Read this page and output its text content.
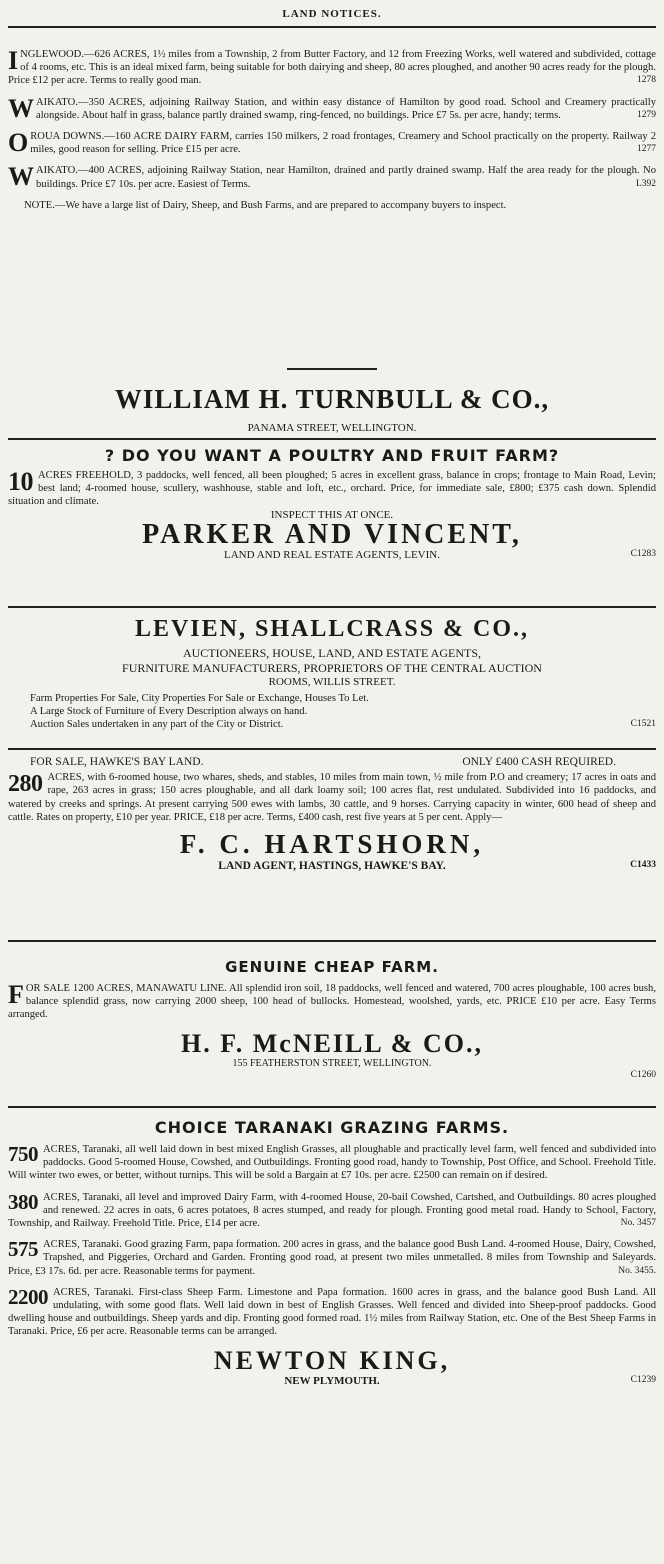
LAND NOTICES.

INGLEWOOD.—626 ACRES, 1½ miles from a Township, 2 from Butter Factory, and 12 from Freezing Works, well watered and subdivided, cottage of 4 rooms, etc. This is an ideal mixed farm, being suitable for both dairying and sheep, 80 acres ploughed, and another 90 acres ready for the plough. Price £12 per acre. Terms to really good man.	1278

WAIKATO.—350 ACRES, adjoining Railway Station, and within easy distance of Hamilton by good road. School and Creamery practically alongside. About half in grass, balance partly drained swamp, ring-fenced, no buildings. Price £7 5s. per acre, handy; terms.	1279

OROUA DOWNS.—160 ACRE DAIRY FARM, carries 150 milkers, 2 road frontages, Creamery and School practically on the property. Railway 2 miles, good reason for selling. Price £15 per acre.	1277

WAIKATO.—400 ACRES, adjoining Railway Station, near Hamilton, drained and partly drained swamp. Half the area ready for the plough. No buildings. Price £7 10s. per acre. Easiest of Terms.	L392

NOTE.—We have a large list of Dairy, Sheep, and Bush Farms, and are prepared to accompany buyers to inspect.

WILLIAM H. TURNBULL & CO.,
PANAMA STREET, WELLINGTON.
? DO YOU WANT A POULTRY AND FRUIT FARM?

10 ACRES FREEHOLD, 3 paddocks, well fenced, all been ploughed; 5 acres in excellent grass, balance in crops; frontage to Main Road, Levin; best land; 4-roomed house, scullery, washhouse, stable and loft, etc., orchard. Price, for immediate sale, £800; £375 cash down. Splendid situation and climate.

INSPECT THIS AT ONCE.
PARKER AND VINCENT,
LAND AND REAL ESTATE AGENTS, LEVIN.	C1283
LEVIEN, SHALLCRASS & CO.,
AUCTIONEERS, HOUSE, LAND, AND ESTATE AGENTS,
FURNITURE MANUFACTURERS, PROPRIETORS OF THE CENTRAL AUCTION
ROOMS, WILLIS STREET.
Farm Properties For Sale, City Properties For Sale or Exchange, Houses To Let.
A Large Stock of Furniture of Every Description always on hand.
Auction Sales undertaken in any part of the City or District.	C1521
FOR SALE, HAWKE'S BAY LAND.	ONLY £400 CASH REQUIRED.

280 ACRES, with 6-roomed house, two whares, sheds, and stables, 10 miles from main town, ½ mile from P.O and creamery; 17 acres in oats and rape, 263 acres in grass; 150 acres ploughable, and all dark loamy soil; 100 acres flat, rest undulated. Subdivided into 16 paddocks, and watered by creeks and springs. At present carrying 500 ewes with lambs, 30 cattle, and 9 horses. Carrying capacity in winter, 600 head of sheep and cattle. Rates on property, £10 per year. PRICE, £18 per acre. Terms, £400 cash, rest five years at 5 per cent. Apply—

F. C. HARTSHORN,
LAND AGENT, HASTINGS, HAWKE'S BAY.	C1433
GENUINE CHEAP FARM.

FOR SALE 1200 ACRES, MANAWATU LINE. All splendid iron soil, 18 paddocks, well fenced and watered, 700 acres ploughable, 100 acres bush, balance splendid grass, now carrying 2000 sheep, 100 head of bullocks. Homestead, woolshed, yards, etc. PRICE £10 per acre. Easy Terms arranged.

H. F. McNEILL & CO.,
155 FEATHERSTON STREET, WELLINGTON.
C1260
CHOICE TARANAKI GRAZING FARMS.

750 ACRES, Taranaki, all well laid down in best mixed English Grasses, all ploughable and practically level farm, well fenced and subdivided into paddocks. Good 5-roomed House, Cowshed, and Outbuildings. Fronting good road, handy to Township, Post Office, and School. Freehold Title. Will winter two ewes, or better, without turnips. This will be sold a Bargain at £7 10s. per acre. £2500 can remain on if desired.

380 ACRES, Taranaki, all level and improved Dairy Farm, with 4-roomed House, 20-bail Cowshed, Cartshed, and Outbuildings. 80 acres ploughed and renewed. 22 acres in oats, 6 acres potatoes, 8 acres stumped, and ready for plough. Fronting good metal road. Handy to School, Factory, Township, and Railway. Freehold Title. Price, £14 per acre.	No. 3457

575 ACRES, Taranaki. Good grazing Farm, papa formation. 200 acres in grass, and the balance good Bush Land. 4-roomed House, Dairy, Cowshed, Trapshed, and Piggeries, Orchard and Garden. Fronting good road, at present two miles unmetalled. 8 miles from Township and Saleyards. Price, £3 17s. 6d. per acre. Reasonable terms for payment.	No. 3455.

2200 ACRES, Taranaki. First-class Sheep Farm. Limestone and Papa formation. 1600 acres in grass, and the balance good Bush Land. All undulating, with some good flats. Well laid down in best of English Grasses. Well fenced and divided into Sheep-proof paddocks. Good dwelling house and outbuildings. Sheep yards and dip. Fronting good formed road. 1½ miles from Railway Station, etc. One of the Best Sheep Farms in Taranaki. Price, £6 per acre. Reasonable terms can be arranged.

NEWTON KING,
NEW PLYMOUTH.	C1239
